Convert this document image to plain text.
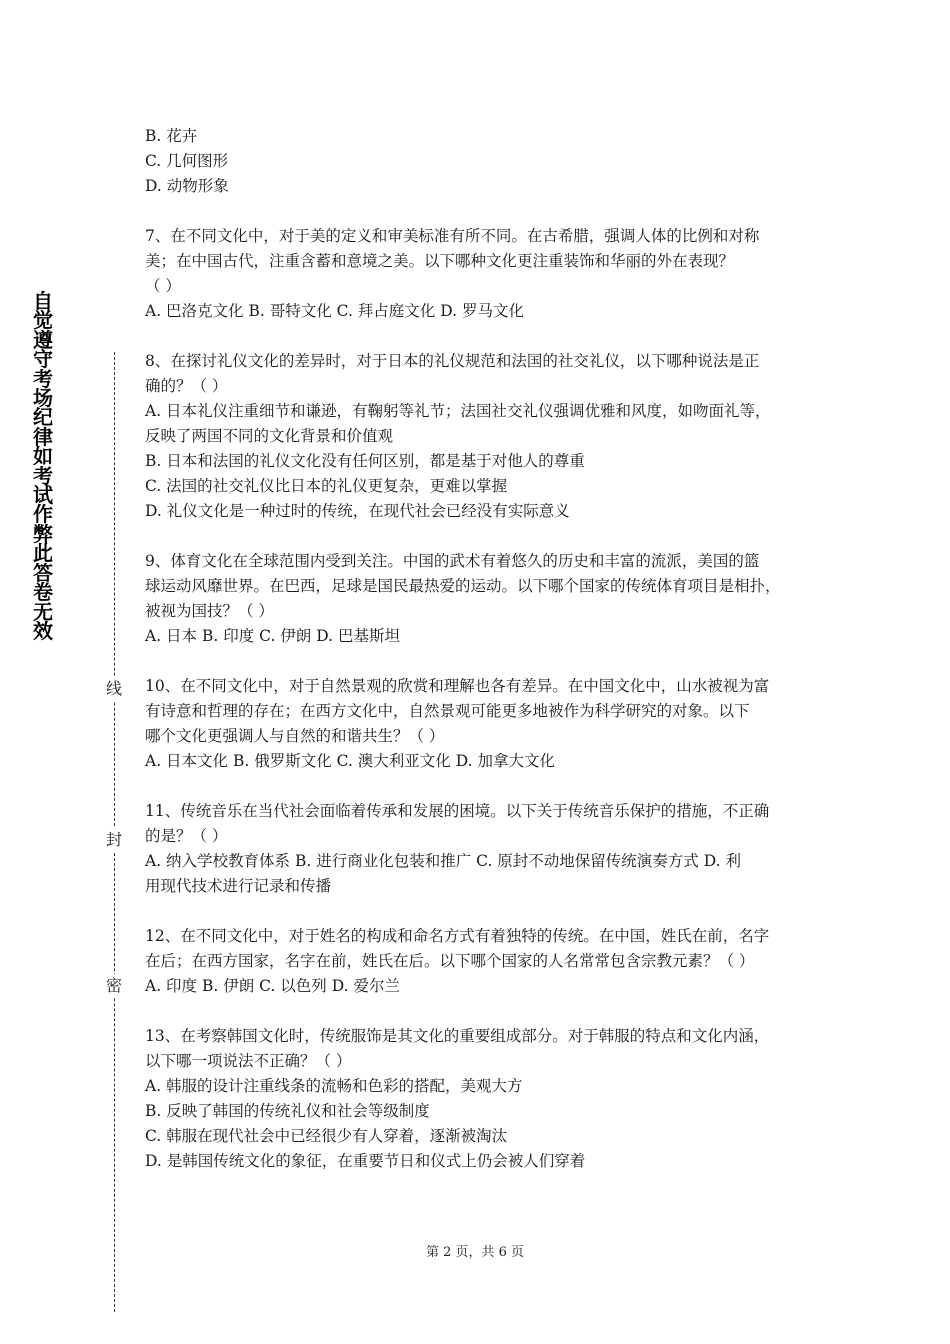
自觉遵守考场纪律如考试作弊此答卷无效
线
封
密
B. 花卉
C. 几何图形
D. 动物形象
7、在不同文化中，对于美的定义和审美标准有所不同。在古希腊，强调人体的比例和对称
美；在中国古代，注重含蓄和意境之美。以下哪种文化更注重装饰和华丽的外在表现？
（ ）
A. 巴洛克文化 B. 哥特文化 C. 拜占庭文化 D. 罗马文化
8、在探讨礼仪文化的差异时，对于日本的礼仪规范和法国的社交礼仪，以下哪种说法是正
确的？（ ）
A. 日本礼仪注重细节和谦逊，有鞠躬等礼节；法国社交礼仪强调优雅和风度，如吻面礼等，
反映了两国不同的文化背景和价值观
B. 日本和法国的礼仪文化没有任何区别，都是基于对他人的尊重
C. 法国的社交礼仪比日本的礼仪更复杂，更难以掌握
D. 礼仪文化是一种过时的传统，在现代社会已经没有实际意义
9、体育文化在全球范围内受到关注。中国的武术有着悠久的历史和丰富的流派，美国的篮
球运动风靡世界。在巴西，足球是国民最热爱的运动。以下哪个国家的传统体育项目是相扑，
被视为国技？（ ）
A. 日本 B. 印度 C. 伊朗 D. 巴基斯坦
10、在不同文化中，对于自然景观的欣赏和理解也各有差异。在中国文化中，山水被视为富
有诗意和哲理的存在；在西方文化中，自然景观可能更多地被作为科学研究的对象。以下
哪个文化更强调人与自然的和谐共生？（ ）
A. 日本文化 B. 俄罗斯文化 C. 澳大利亚文化 D. 加拿大文化
11、传统音乐在当代社会面临着传承和发展的困境。以下关于传统音乐保护的措施，不正确
的是？（ ）
A. 纳入学校教育体系 B. 进行商业化包装和推广 C. 原封不动地保留传统演奏方式 D. 利
用现代技术进行记录和传播
12、在不同文化中，对于姓名的构成和命名方式有着独特的传统。在中国，姓氏在前，名字
在后；在西方国家，名字在前，姓氏在后。以下哪个国家的人名常常包含宗教元素？（ ）
A. 印度 B. 伊朗 C. 以色列 D. 爱尔兰
13、在考察韩国文化时，传统服饰是其文化的重要组成部分。对于韩服的特点和文化内涵，
以下哪一项说法不正确？（ ）
A. 韩服的设计注重线条的流畅和色彩的搭配，美观大方
B. 反映了韩国的传统礼仪和社会等级制度
C. 韩服在现代社会中已经很少有人穿着，逐渐被淘汰
D. 是韩国传统文化的象征，在重要节日和仪式上仍会被人们穿着
第 2 页，共 6 页
